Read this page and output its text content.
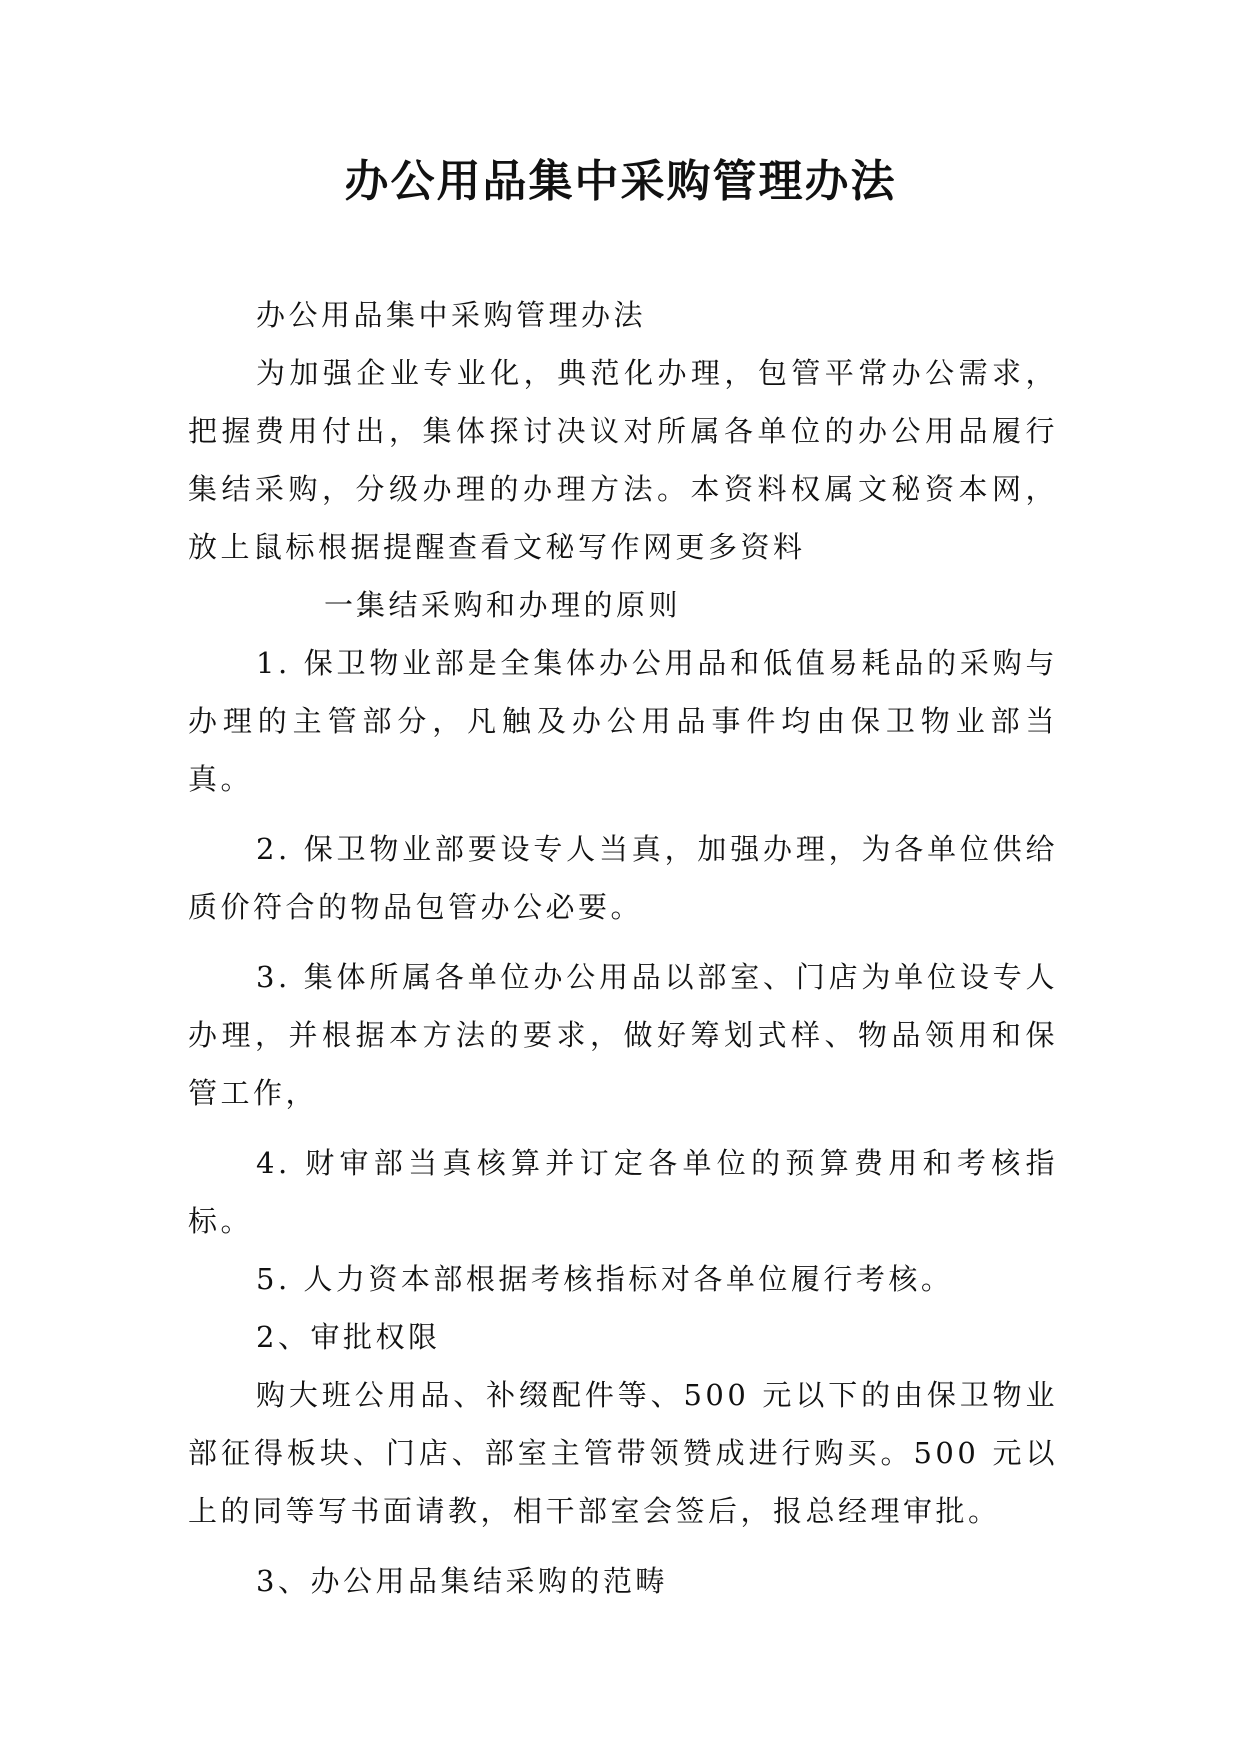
办公用品集中采购管理办法

办公用品集中采购管理办法

为加强企业专业化，典范化办理，包管平常办公需求，把握费用付出，集体探讨决议对所属各单位的办公用品履行集结采购，分级办理的办理方法。本资料权属文秘资本网，放上鼠标根据提醒查看文秘写作网更多资料

一.集结采购和办理的原则

1. 保卫物业部是全集体办公用品和低值易耗品的采购与办理的主管部分，凡触及办公用品事件均由保卫物业部当真。

2. 保卫物业部要设专人当真，加强办理，为各单位供给质价符合的物品包管办公必要。

3. 集体所属各单位办公用品以部室、门店为单位设专人办理，并根据本方法的要求，做好筹划式样、物品领用和保管工作，

4. 财审部当真核算并订定各单位的预算费用和考核指标。

5. 人力资本部根据考核指标对各单位履行考核。

2、审批权限

购大班公用品、补缀配件等、500 元以下的由保卫物业部征得板块、门店、部室主管带领赞成进行购买。500 元以上的同等写书面请教，相干部室会签后，报总经理审批。

3、办公用品集结采购的范畴
